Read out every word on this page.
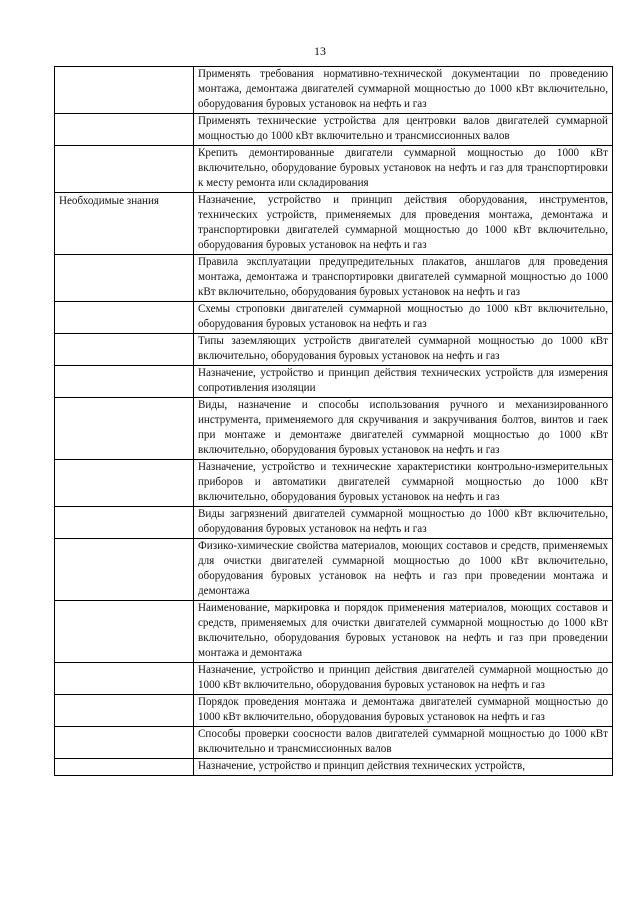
13
	Применять требования нормативно-технической документации по проведению монтажа, демонтажа двигателей суммарной мощностью до 1000 кВт включительно, оборудования буровых установок на нефть и газ

	Применять технические устройства для центровки валов двигателей суммарной мощностью до 1000 кВт включительно и трансмиссионных валов

	Крепить демонтированные двигатели суммарной мощностью до 1000 кВт включительно, оборудование буровых установок на нефть и газ для транспортировки к месту ремонта или складирования

Необходимые знания	Назначение, устройство и принцип действия оборудования, инструментов, технических устройств, применяемых для проведения монтажа, демонтажа и транспортировки двигателей суммарной мощностью до 1000 кВт включительно, оборудования буровых установок на нефть и газ

	Правила эксплуатации предупредительных плакатов, аншлагов для проведения монтажа, демонтажа и транспортировки двигателей суммарной мощностью до 1000 кВт включительно, оборудования буровых установок на нефть и газ

	Схемы строповки двигателей суммарной мощностью до 1000 кВт включительно, оборудования буровых установок на нефть и газ

	Типы заземляющих устройств двигателей суммарной мощностью до 1000 кВт включительно, оборудования буровых установок на нефть и газ

	Назначение, устройство и принцип действия технических устройств для измерения сопротивления изоляции

	Виды, назначение и способы использования ручного и механизированного инструмента, применяемого для скручивания и закручивания болтов, винтов и гаек при монтаже и демонтаже двигателей суммарной мощностью до 1000 кВт включительно, оборудования буровых установок на нефть и газ

	Назначение, устройство и технические характеристики контрольно-измерительных приборов и автоматики двигателей суммарной мощностью до 1000 кВт включительно, оборудования буровых установок на нефть и газ

	Виды загрязнений двигателей суммарной мощностью до 1000 кВт включительно, оборудования буровых установок на нефть и газ

	Физико-химические свойства материалов, моющих составов и средств, применяемых для очистки двигателей суммарной мощностью до 1000 кВт включительно, оборудования буровых установок на нефть и газ при проведении монтажа и демонтажа

	Наименование, маркировка и порядок применения материалов, моющих составов и средств, применяемых для очистки двигателей суммарной мощностью до 1000 кВт включительно, оборудования буровых установок на нефть и газ при проведении монтажа и демонтажа

	Назначение, устройство и принцип действия двигателей суммарной мощностью до 1000 кВт включительно, оборудования буровых установок на нефть и газ

	Порядок проведения монтажа и демонтажа двигателей суммарной мощностью до 1000 кВт включительно, оборудования буровых установок на нефть и газ

	Способы проверки соосности валов двигателей суммарной мощностью до 1000 кВт включительно и трансмиссионных валов

	Назначение, устройство и принцип действия технических устройств,
